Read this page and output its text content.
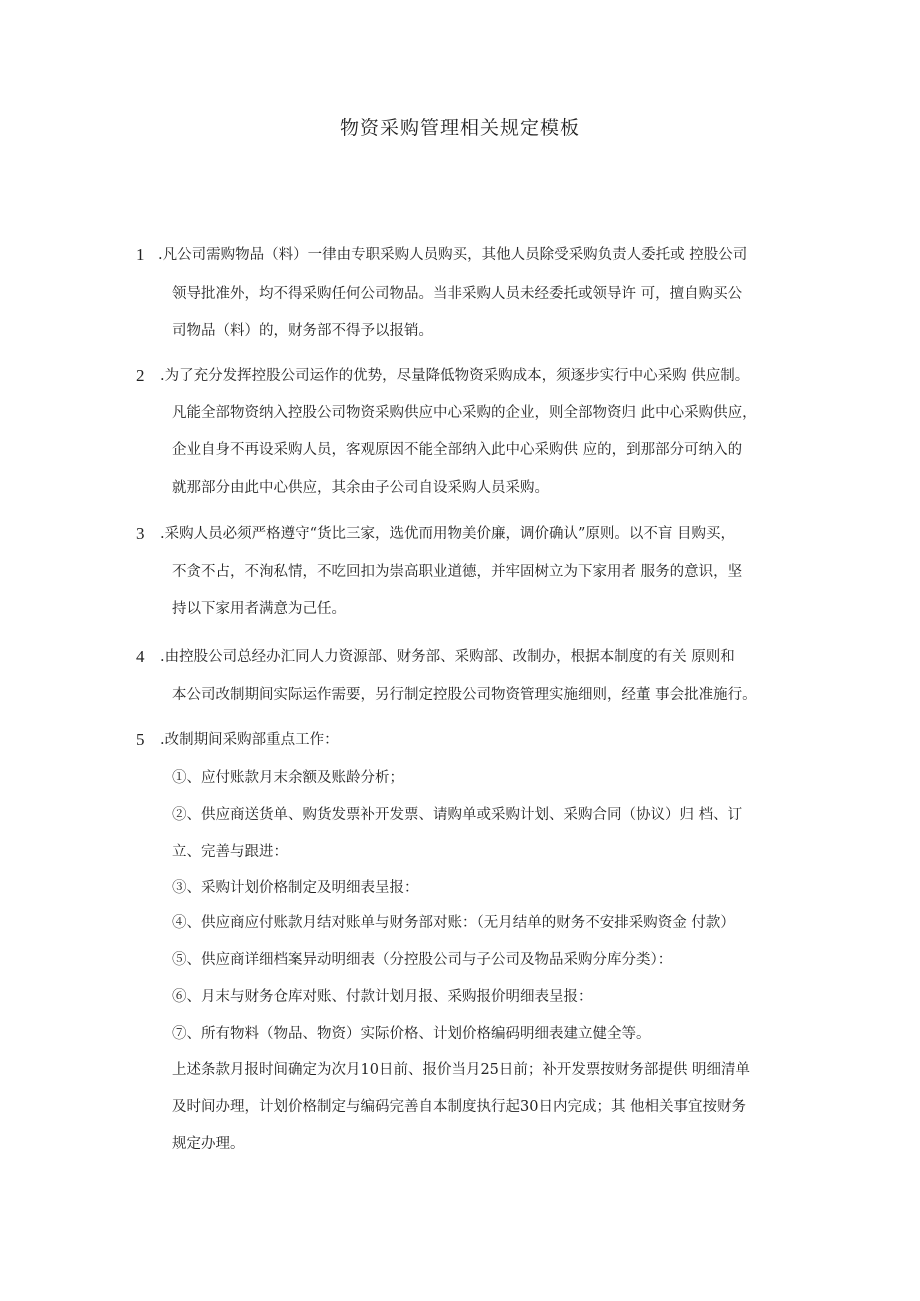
物资采购管理相关规定模板
1 .凡公司需购物品（料）一律由专职采购人员购买，其他人员除受采购负责人委托或 控股公司
领导批准外，均不得采购任何公司物品。当非采购人员未经委托或领导许 可，擅自购买公
司物品（料）的，财务部不得予以报销。
2 .为了充分发挥控股公司运作的优势，尽量降低物资采购成本，须逐步实行中心采购 供应制。
凡能全部物资纳入控股公司物资采购供应中心采购的企业，则全部物资归 此中心采购供应，
企业自身不再设采购人员，客观原因不能全部纳入此中心采购供 应的，到那部分可纳入的
就那部分由此中心供应，其余由子公司自设采购人员采购。
3 .采购人员必须严格遵守“货比三家，选优而用物美价廉，调价确认”原则。以不盲 目购买，
不贪不占，不洵私情，不吃回扣为崇高职业道德，并牢固树立为下家用者 服务的意识，坚
持以下家用者满意为己任。
4 .由控股公司总经办汇同人力资源部、财务部、采购部、改制办，根据本制度的有关 原则和
本公司改制期间实际运作需要，另行制定控股公司物资管理实施细则，经董 事会批准施行。
5 .改制期间采购部重点工作：
①、应付账款月末余额及账龄分析；
②、供应商送货单、购货发票补开发票、请购单或采购计划、采购合同（协议）归 档、订
立、完善与跟进：
③、采购计划价格制定及明细表呈报：
④、供应商应付账款月结对账单与财务部对账：（无月结单的财务不安排采购资金 付款）
⑤、供应商详细档案异动明细表（分控股公司与子公司及物品采购分库分类）：
⑥、月末与财务仓库对账、付款计划月报、采购报价明细表呈报：
⑦、所有物料（物品、物资）实际价格、计划价格编码明细表建立健全等。
上述条款月报时间确定为次月10日前、报价当月25日前；补开发票按财务部提供 明细清单
及时间办理，计划价格制定与编码完善自本制度执行起30日内完成；其 他相关事宜按财务
规定办理。
